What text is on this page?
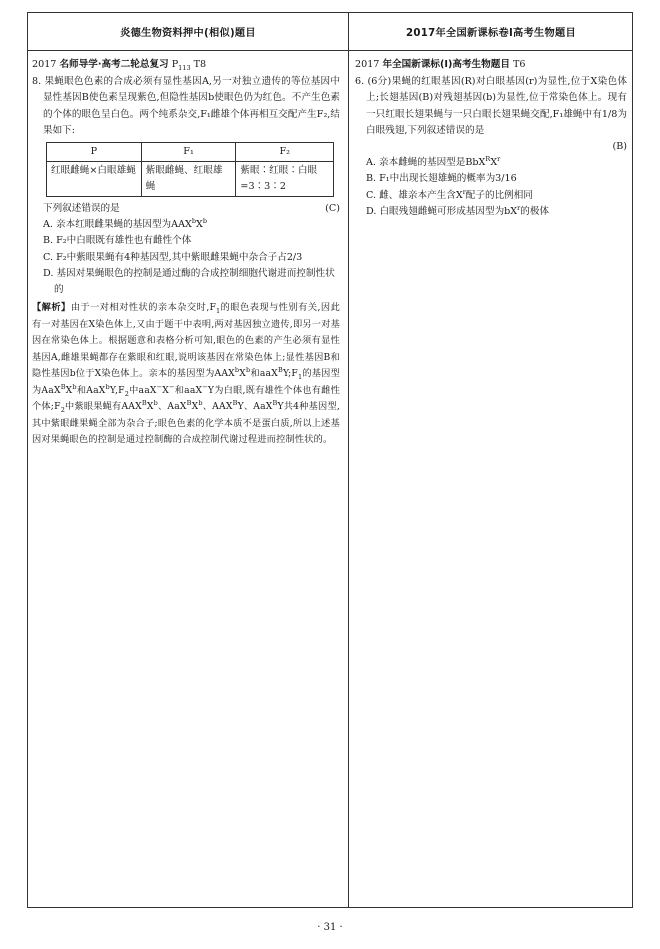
炎德生物资料押中(相似)题目	2017年全国新课标卷Ⅰ高考生物题目

2017 名师导学·高考二轮总复习 $P_{113}$ T8

8. 果蝇眼色色素的合成必须有显性基因A,另一对独立遗传的等位基因中显性基因B使色素呈现紫色,但隐性基因b使眼色仍为红色。不产生色素的个体的眼色呈白色。两个纯系杂交,F₁雌雄个体再相互交配产生F₂,结果如下:

P	F₁	F₂
红眼雌蝇×白眼雄蝇	紫眼雌蝇、红眼雄蝇	紫眼∶红眼∶白眼=3∶3∶2
下列叙述错误的是	(C)

A. 亲本红眼雌果蝇的基因型为$AAX^bX^b$

B. F₂中白眼既有雄性也有雌性个体

C. F₂中紫眼果蝇有4种基因型,其中紫眼雌果蝇中杂合子占2/3

D. 基因对果蝇眼色的控制是通过酶的合成控制细胞代谢进而控制性状的

【解析】由于一对相对性状的亲本杂交时$,F_1$的眼色表现与性别有关,因此有一对基因在X染色体上,又由于题干中表明,两对基因独立遗传,即另一对基因在常染色体上。根据题意和表格分析可知,眼色的色素的产生必须有显性基因A,雌雄果蝇都存在紫眼和红眼,说明该基因在常染色体上;显性基因B和隐性基因b位于X染色体上。亲本的基因型为$AAX^bX^b$和$aaX^BY;F_1$的基因型为$AaX^BX^b$和$AaX^bY,F_2$中aaX−X−和aaX−Y为白眼,既有雄性个体也有雌性个体$;F_2$中紫眼果蝇有$AAX^BX^b$、$AaX^BX^b$、$AAX^BY$、AaX$^B$Y共4种基因型,其中紫眼雌果蝇全部为杂合子;眼色色素的化学本质不是蛋白质,所以上述基因对果蝇眼色的控制是通过控制酶的合成控制代谢过程进而控制性状的。

2017 年全国新课标(Ⅰ)高考生物题目 T6

6. (6分)果蝇的红眼基因(R)对白眼基因(r)为显性,位于X染色体上;长翅基因(B)对残翅基因(b)为显性,位于常染色体上。现有一只红眼长翅果蝇与一只白眼长翅果蝇交配,F₁雄蝇中有1/8为白眼残翅,下列叙述错误的是

(B)

A. 亲本雌蝇的基因型是$BbX^RX^r$

B. F₁中出现长翅雄蝇的概率为3/16

C. 雌、雄亲本产生含$X^r$配子的比例相同

D. 白眼残翅雌蝇可形成基因型为$bX^r$的极体

· 31 ·
